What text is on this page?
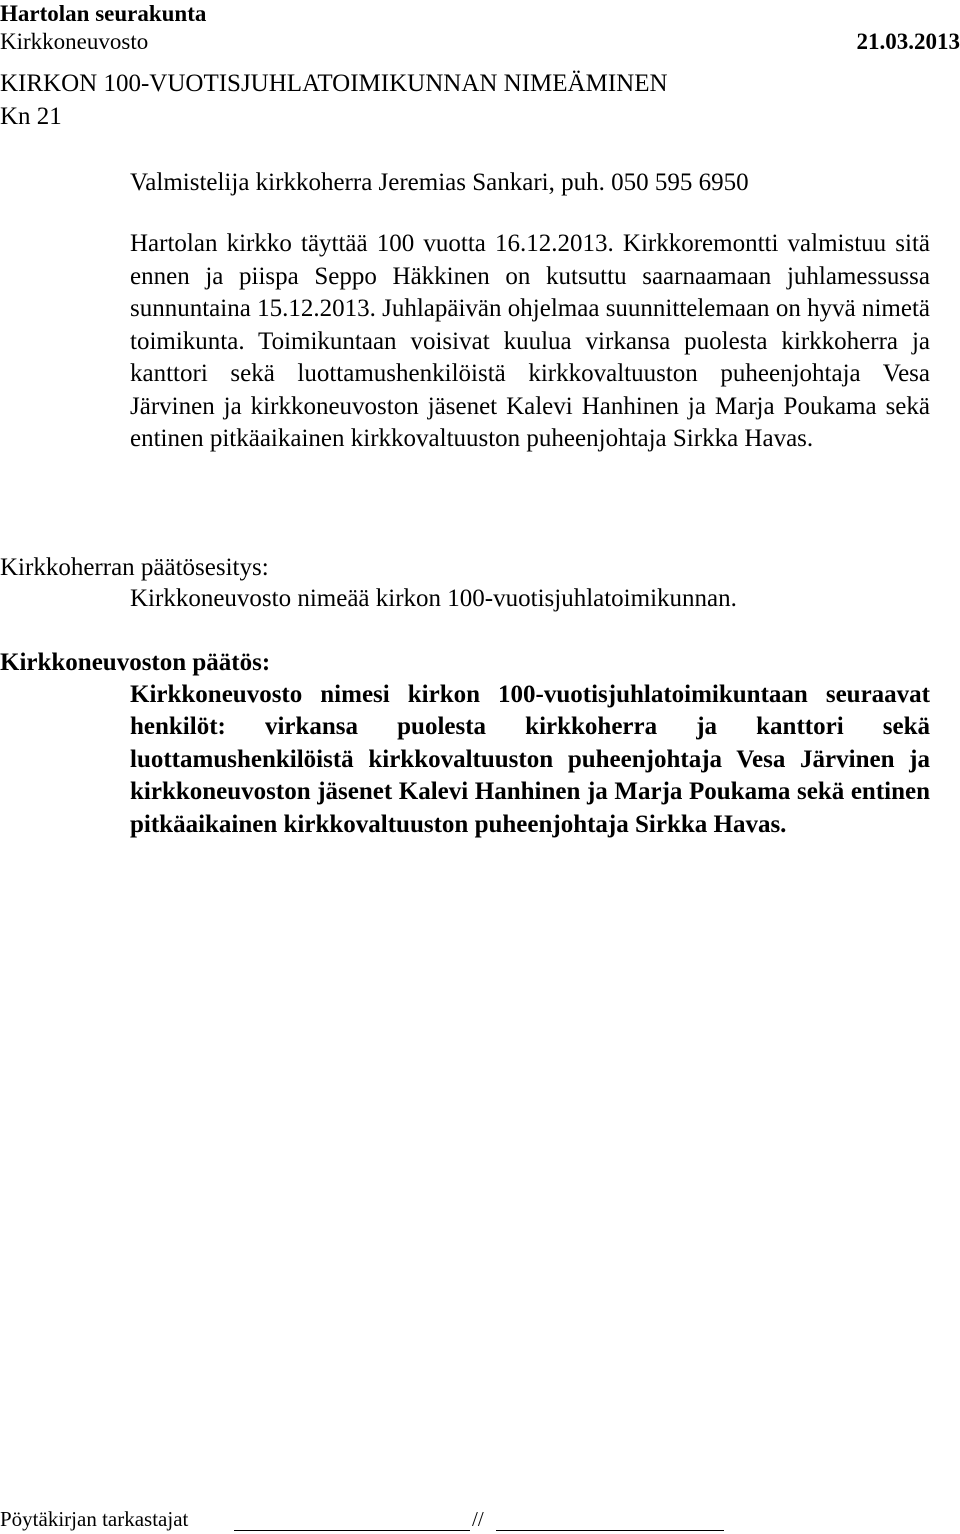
Hartolan seurakunta
Kirkkoneuvosto	21.03.2013
KIRKON 100-VUOTISJUHLATOIMIKUNNAN NIMEÄMINEN
Kn 21
Valmistelija kirkkoherra Jeremias Sankari, puh. 050 595 6950
Hartolan kirkko täyttää 100 vuotta 16.12.2013. Kirkkoremontti valmistuu sitä ennen ja piispa Seppo Häkkinen on kutsuttu saarnaamaan juhlamessussa sunnuntaina 15.12.2013. Juhlapäivän ohjelmaa suunnittelemaan on hyvä nimetä toimikunta. Toimikuntaan voisivat kuulua virkansa puolesta kirkkoherra ja kanttori sekä luottamushenkilöistä kirkkovaltuuston puheenjohtaja Vesa Järvinen ja kirkkoneuvoston jäsenet Kalevi Hanhinen ja Marja Poukama sekä entinen pitkäaikainen kirkkovaltuuston puheenjohtaja Sirkka Havas.
Kirkkoherran päätösesitys:
Kirkkoneuvosto nimeää kirkon 100-vuotisjuhlatoimikunnan.
Kirkkoneuvoston päätös:
Kirkkoneuvosto nimesi kirkon 100-vuotisjuhlatoimikuntaan seuraavat henkilöt: virkansa puolesta kirkkoherra ja kanttori sekä luottamushenkilöistä kirkkovaltuuston puheenjohtaja Vesa Järvinen ja kirkkoneuvoston jäsenet Kalevi Hanhinen ja Marja Poukama sekä entinen pitkäaikainen kirkkovaltuuston puheenjohtaja Sirkka Havas.
Pöytäkirjan tarkastajat	//
